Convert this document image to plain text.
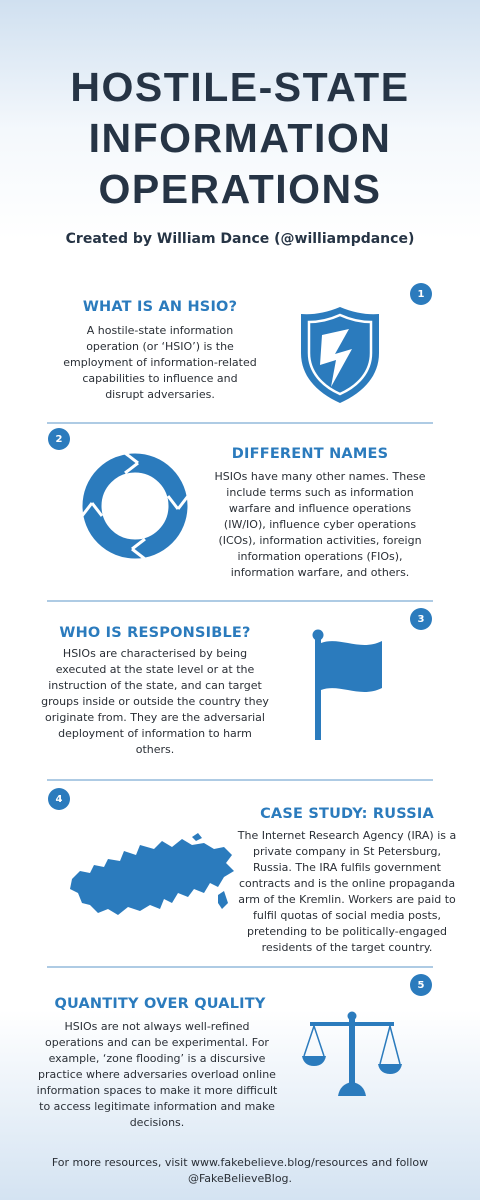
HOSTILE-STATE
INFORMATION
OPERATIONS
Created by William Dance (@williampdance)
1
WHAT IS AN HSIO?

A hostile-state information operation (or ‘HSIO’) is the employment of information-related capabilities to influence and disrupt adversaries.

2
DIFFERENT NAMES

HSIOs have many other names. These include terms such as information warfare and influence operations (IW/IO), influence cyber operations (ICOs), information activities, foreign information operations (FIOs), information warfare, and others.

3
WHO IS RESPONSIBLE?

HSIOs are characterised by being executed at the state level or at the instruction of the state, and can target groups inside or outside the country they originate from. They are the adversarial deployment of information to harm others.

4
CASE STUDY: RUSSIA

The Internet Research Agency (IRA) is a private company in St Petersburg, Russia. The IRA fulfils government contracts and is the online propaganda arm of the Kremlin. Workers are paid to fulfil quotas of social media posts, pretending to be politically-engaged residents of the target country.

5
QUANTITY OVER QUALITY

HSIOs are not always well-refined operations and can be experimental. For example, ‘zone flooding’ is a discursive practice where adversaries overload online information spaces to make it more difficult to access legitimate information and make decisions.

For more resources, visit www.fakebelieve.blog/resources and follow @FakeBelieveBlog.
